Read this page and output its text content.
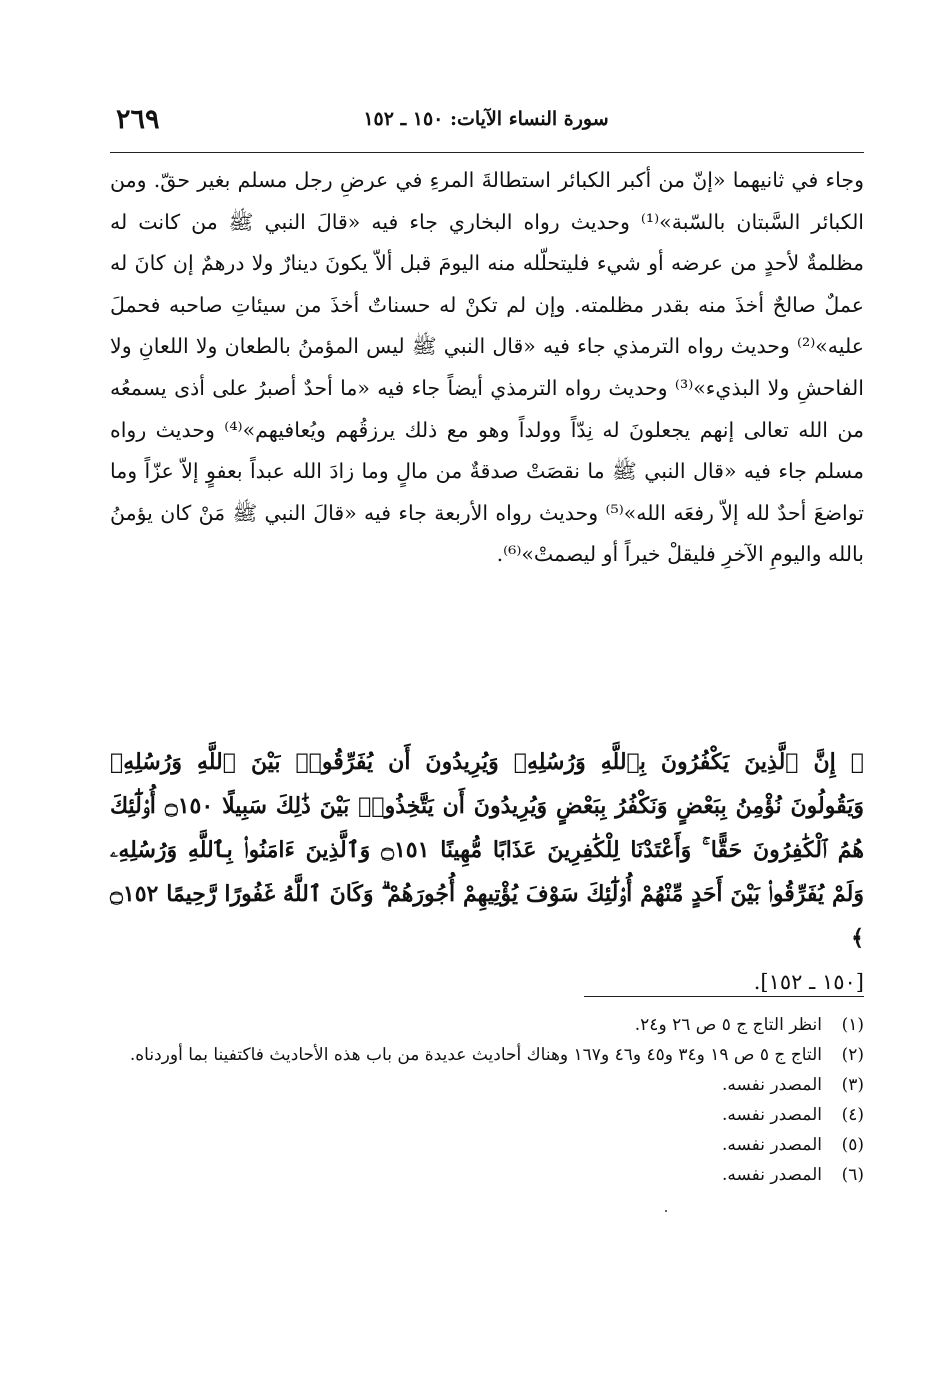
٢٦٩	سورة النساء الآيات: ١٥٠ ـ ١٥٢

وجاء في ثانيهما «إنّ من أكبر الكبائر استطالةَ المرءِ في عرضِ رجل مسلم بغير حقّ. ومن الكبائر السَّبتان بالسّبة»⁽¹⁾ وحديث رواه البخاري جاء فيه «قالَ النبي ﷺ من كانت له مظلمةٌ لأحدٍ من عرضه أو شيء فليتحلّله منه اليومَ قبل ألاّ يكونَ دينارٌ ولا درهمٌ إن كانَ له عملٌ صالحٌ أخذَ منه بقدر مظلمته. وإن لم تكنْ له حسناتٌ أخذَ من سيئاتِ صاحبه فحملَ عليه»⁽²⁾ وحديث رواه الترمذي جاء فيه «قال النبي ﷺ ليس المؤمنُ بالطعان ولا اللعانِ ولا الفاحشِ ولا البذيء»⁽³⁾ وحديث رواه الترمذي أيضاً جاء فيه «ما أحدٌ أصبرُ على أذى يسمعُه من الله تعالى إنهم يجعلونَ له نِدّاً وولداً وهو مع ذلك يرزقُهم ويُعافيهم»⁽⁴⁾ وحديث رواه مسلم جاء فيه «قال النبي ﷺ ما نقصَتْ صدقةٌ من مالٍ وما زادَ الله عبداً بعفوٍ إلاّ عزّاً وما تواضعَ أحدٌ لله إلاّ رفعَه الله»⁽⁵⁾ وحديث رواه الأربعة جاء فيه «قالَ النبي ﷺ مَنْ كان يؤمنُ بالله واليومِ الآخرِ فليقلْ خيراً أو ليصمتْ»⁽⁶⁾.

﴿ إِنَّ ٱلَّذِينَ يَكْفُرُونَ بِٱللَّهِ وَرُسُلِهِۦ وَيُرِيدُونَ أَن يُفَرِّقُوا۟ بَيْنَ ٱللَّهِ وَرُسُلِهِۦ وَيَقُولُونَ نُؤْمِنُ بِبَعْضٍ وَنَكْفُرُ بِبَعْضٍ وَيُرِيدُونَ أَن يَتَّخِذُوا۟ بَيْنَ ذَٰلِكَ سَبِيلًا ۝١٥٠ أُو۟لَٰٓئِكَ هُمُ ٱلْكَٰفِرُونَ حَقًّا ۚ وَأَعْتَدْنَا لِلْكَٰفِرِينَ عَذَابًا مُّهِينًا ۝١٥١ وَٱلَّذِينَ ءَامَنُوا۟ بِٱللَّهِ وَرُسُلِهِۦ وَلَمْ يُفَرِّقُوا۟ بَيْنَ أَحَدٍ مِّنْهُمْ أُو۟لَٰٓئِكَ سَوْفَ يُؤْتِيهِمْ أُجُورَهُمْ ۗ وَكَانَ ٱللَّهُ غَفُورًا رَّحِيمًا ۝١٥٢ ﴾
[١٥٠ ـ ١٥٢].
(١)
انظر التاج ج ٥ ص ٢٦ و٢٤.
(٢)
التاج ج ٥ ص ١٩ و٣٤ و٤٥ و٤٦ و١٦٧ وهناك أحاديث عديدة من باب هذه الأحاديث فاكتفينا بما أوردناه.
(٣)
المصدر نفسه.
(٤)
المصدر نفسه.
(٥)
المصدر نفسه.
(٦)
المصدر نفسه.
